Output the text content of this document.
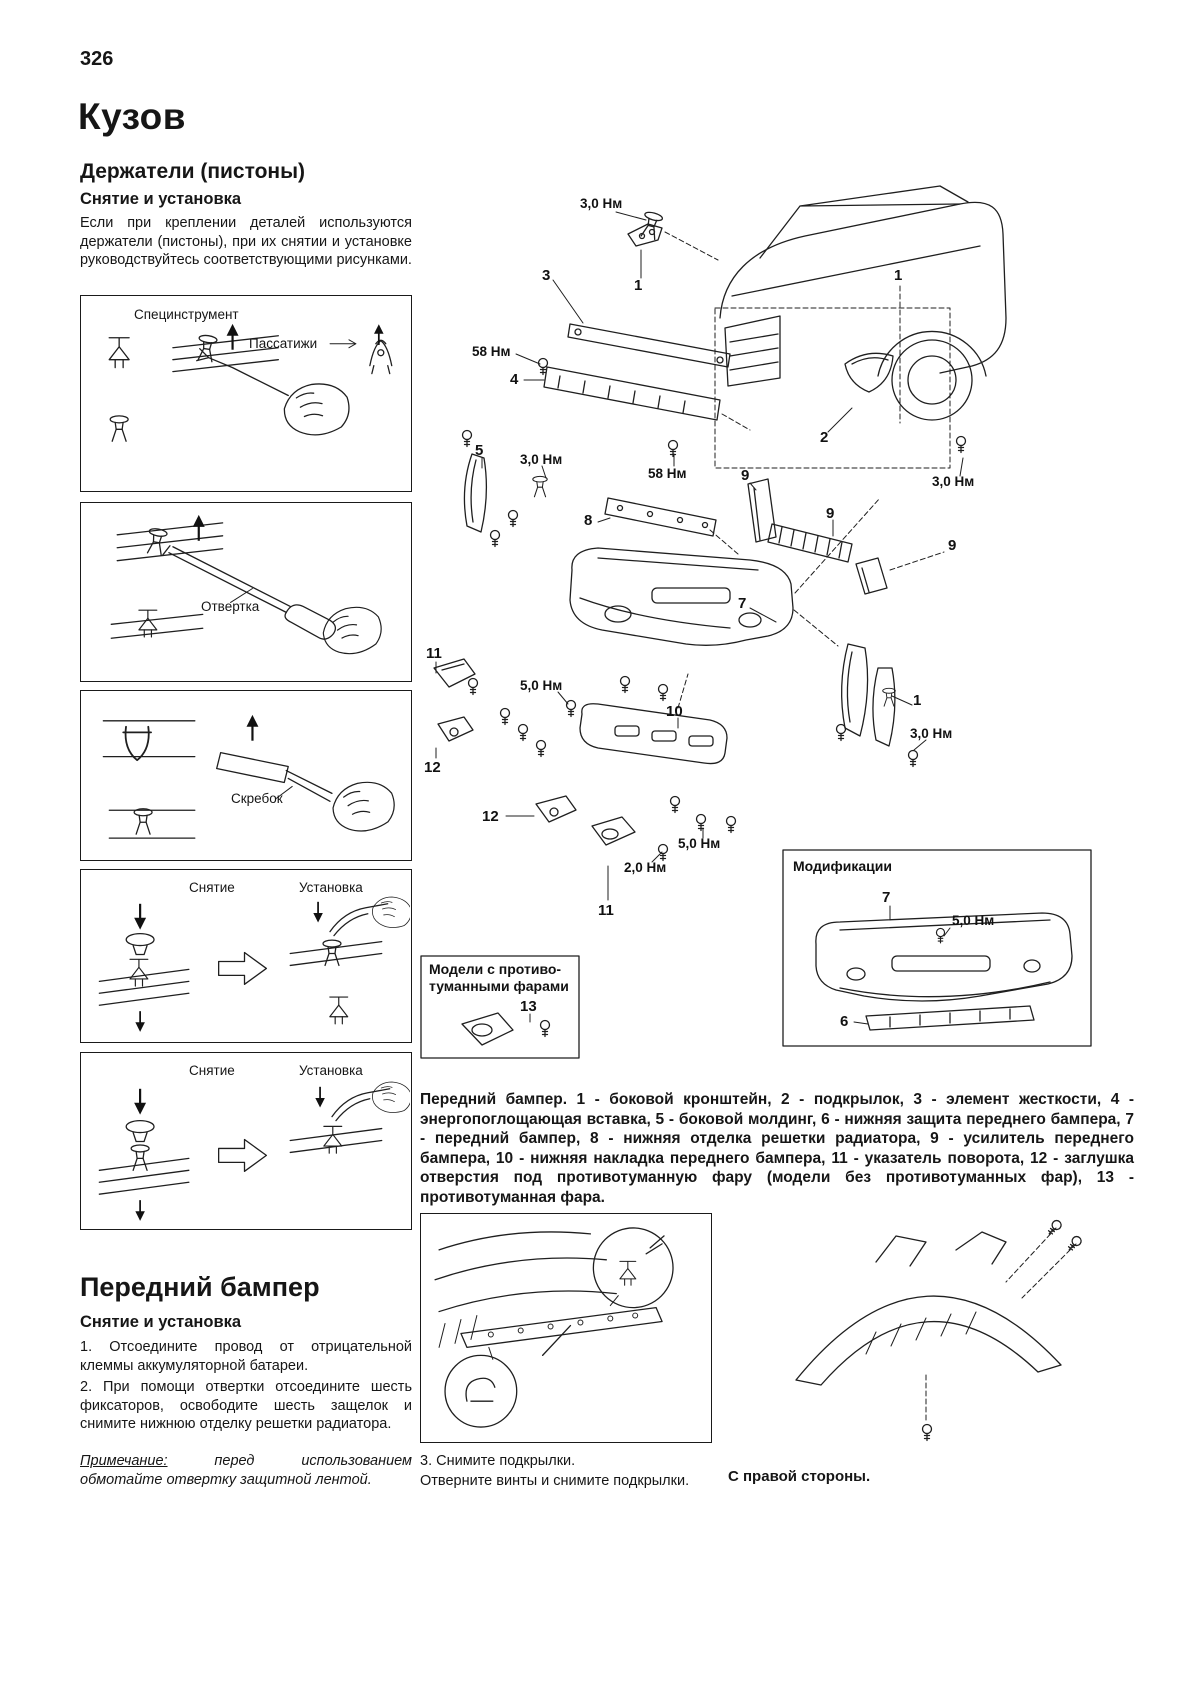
326
Кузов
Держатели (пистоны)
Снятие и установка
Если при креплении деталей используются держатели (пистоны), при их снятии и установке руководствуйтесь соответствующими рисунками.
Специнструмент
Пассатижи
Отвертка
Скребок
Снятие	Установка
Снятие	Установка
Модели с противо-
туманными фарами
Модификации
3,0 Нм
58 Нм
58 Нм
3,0 Нм
3,0 Нм
5,0 Нм
3,0 Нм
5,0 Нм
2,0 Нм
5,0 Нм
3
1
1
4
2
5
9
8	9
9
7
11
10
1
12
12
11
13
7
6
Передний бампер. 1 - боковой кронштейн, 2 - подкрылок, 3 - элемент жесткости, 4 - энергопоглощающая вставка, 5 - боковой молдинг, 6 - нижняя защита переднего бампера, 7 - передний бампер, 8 - нижняя отделка решетки радиатора, 9 - усилитель переднего бампера, 10 - нижняя накладка переднего бампера, 11 - указатель поворота, 12 - заглушка отверстия под противотуманную фару (модели без противотуманных фар), 13 - противотуманная фара.
Передний бампер
Снятие и установка
1. Отсоедините провод от отрицательной клеммы аккумуляторной батареи.
2. При помощи отвертки отсоедините шесть фиксаторов, освободите шесть защелок и снимите нижнюю отделку решетки радиатора.
Примечание: перед использованием обмотайте отвертку защитной лентой.
3. Снимите подкрылки.
Отверните винты и снимите подкрылки.	С правой стороны.
